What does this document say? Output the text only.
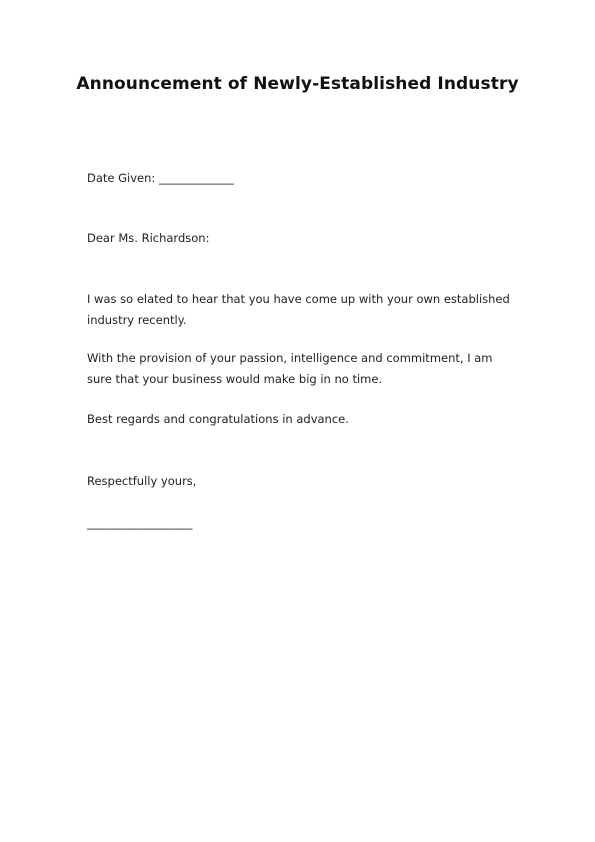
Announcement of Newly-Established Industry
Date Given: _____________
Dear Ms. Richardson:
I was so elated to hear that you have come up with your own established industry recently.
With the provision of your passion, intelligence and commitment, I am sure that your business would make big in no time.
Best regards and congratulations in advance.
Respectfully yours,
____________________
